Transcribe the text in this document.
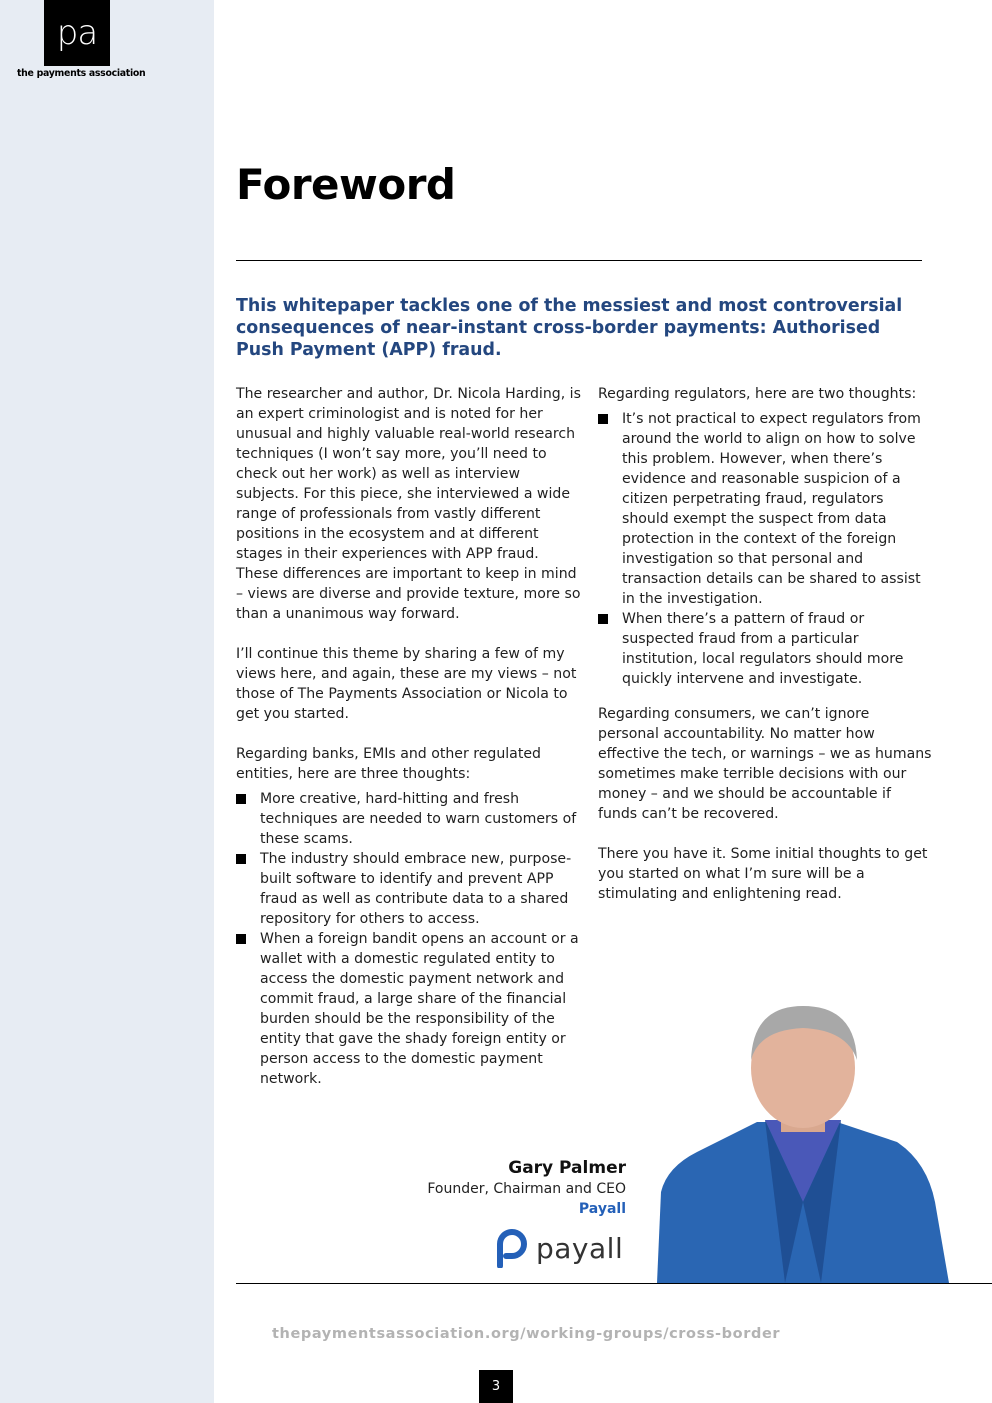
pa
the payments association
Foreword

This whitepaper tackles one of the messiest and most controversial consequences of near-instant cross-border payments: Authorised Push Payment (APP) fraud.

The researcher and author, Dr. Nicola Harding, is an expert criminologist and is noted for her unusual and highly valuable real-world research techniques (I won’t say more, you’ll need to check out her work) as well as interview subjects. For this piece, she interviewed a wide range of professionals from vastly different positions in the ecosystem and at different stages in their experiences with APP fraud. These differences are important to keep in mind – views are diverse and provide texture, more so than a unanimous way forward.

I’ll continue this theme by sharing a few of my views here, and again, these are my views – not those of The Payments Association or Nicola to get you started.

Regarding banks, EMIs and other regulated entities, here are three thoughts:

More creative, hard-hitting and fresh techniques are needed to warn customers of these scams.
The industry should embrace new, purpose-built software to identify and prevent APP fraud as well as contribute data to a shared repository for others to access.
When a foreign bandit opens an account or a wallet with a domestic regulated entity to access the domestic payment network and commit fraud, a large share of the financial burden should be the responsibility of the entity that gave the shady foreign entity or person access to the domestic payment network.

Regarding regulators, here are two thoughts:

It’s not practical to expect regulators from around the world to align on how to solve this problem. However, when there’s evidence and reasonable suspicion of a citizen perpetrating fraud, regulators should exempt the suspect from data protection in the context of the foreign investigation so that personal and transaction details can be shared to assist in the investigation.
When there’s a pattern of fraud or suspected fraud from a particular institution, local regulators should more quickly intervene and investigate.

Regarding consumers, we can’t ignore personal accountability. No matter how effective the tech, or warnings – we as humans sometimes make terrible decisions with our money – and we should be accountable if funds can’t be recovered.

There you have it. Some initial thoughts to get you started on what I’m sure will be a stimulating and enlightening read.

Gary Palmer
Founder, Chairman and CEO
Payall
payall
thepaymentsassociation.org/working-groups/cross-border
3
